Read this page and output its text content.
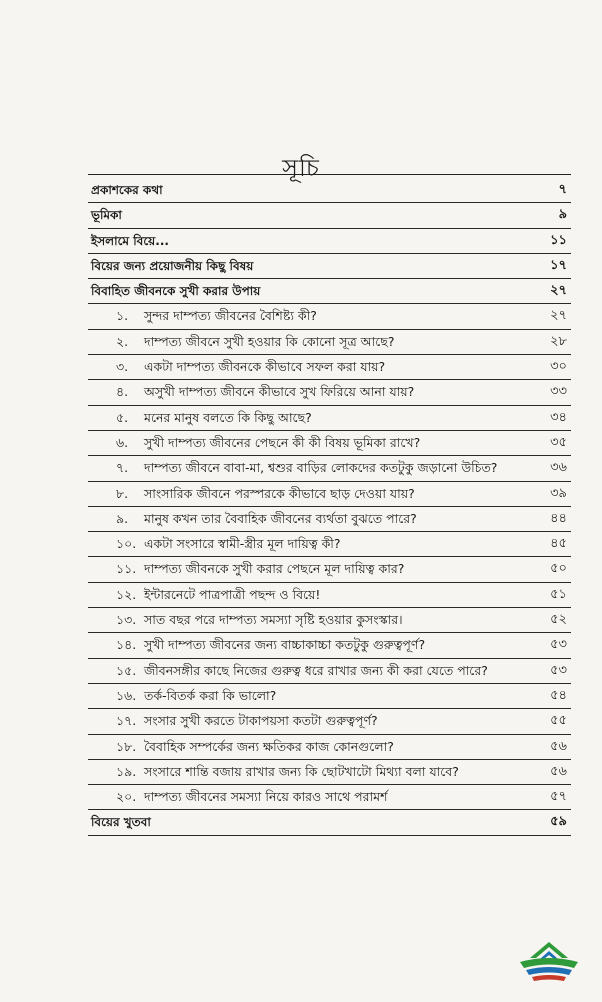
সূচি
প্রকাশকের কথা	৭
ভূমিকা	৯
ইসলামে বিয়ে...	১১
বিয়ের জন্য প্রয়োজনীয় কিছু বিষয়	১৭
বিবাহিত জীবনকে সুখী করার উপায়	২৭
১.	সুন্দর দাম্পত্য জীবনের বৈশিষ্ট্য কী?	২৭
২.	দাম্পত্য জীবনে সুখী হওয়ার কি কোনো সূত্র আছে?	২৮
৩.	একটা দাম্পত্য জীবনকে কীভাবে সফল করা যায়?	৩০
৪.	অসুখী দাম্পত্য জীবনে কীভাবে সুখ ফিরিয়ে আনা যায়?	৩৩
৫.	মনের মানুষ বলতে কি কিছু আছে?	৩৪
৬.	সুখী দাম্পত্য জীবনের পেছনে কী কী বিষয় ভূমিকা রাখে?	৩৫
৭.	দাম্পত্য জীবনে বাবা-মা, শ্বশুর বাড়ির লোকদের কতটুকু জড়ানো উচিত?	৩৬
৮.	সাংসারিক জীবনে পরস্পরকে কীভাবে ছাড় দেওয়া যায়?	৩৯
৯.	মানুষ কখন তার বৈবাহিক জীবনের ব্যর্থতা বুঝতে পারে?	৪৪
১০. একটা সংসারে স্বামী-স্ত্রীর মূল দায়িত্ব কী?	৪৫
১১. দাম্পত্য জীবনকে সুখী করার পেছনে মূল দায়িত্ব কার?	৫০
১২. ইন্টারনেটে পাত্রপাত্রী পছন্দ ও বিয়ে!	৫১
১৩. সাত বছর পরে দাম্পত্য সমস্যা সৃষ্টি হওয়ার কুসংস্কার।	৫২
১৪. সুখী দাম্পত্য জীবনের জন্য বাচ্চাকাচ্চা কতটুকু গুরুত্বপূর্ণ?	৫৩
১৫. জীবনসঙ্গীর কাছে নিজের গুরুত্ব ধরে রাখার জন্য কী করা যেতে পারে?	৫৩
১৬. তর্ক-বিতর্ক করা কি ভালো?	৫৪
১৭. সংসার সুখী করতে টাকাপয়সা কতটা গুরুত্বপূর্ণ?	৫৫
১৮. বৈবাহিক সম্পর্কের জন্য ক্ষতিকর কাজ কোনগুলো?	৫৬
১৯. সংসারে শান্তি বজায় রাখার জন্য কি ছোটখাটো মিথ্যা বলা যাবে?	৫৬
২০. দাম্পত্য জীবনের সমস্যা নিয়ে কারও সাথে পরামর্শ	৫৭
বিয়ের খুতবা	৫৯
